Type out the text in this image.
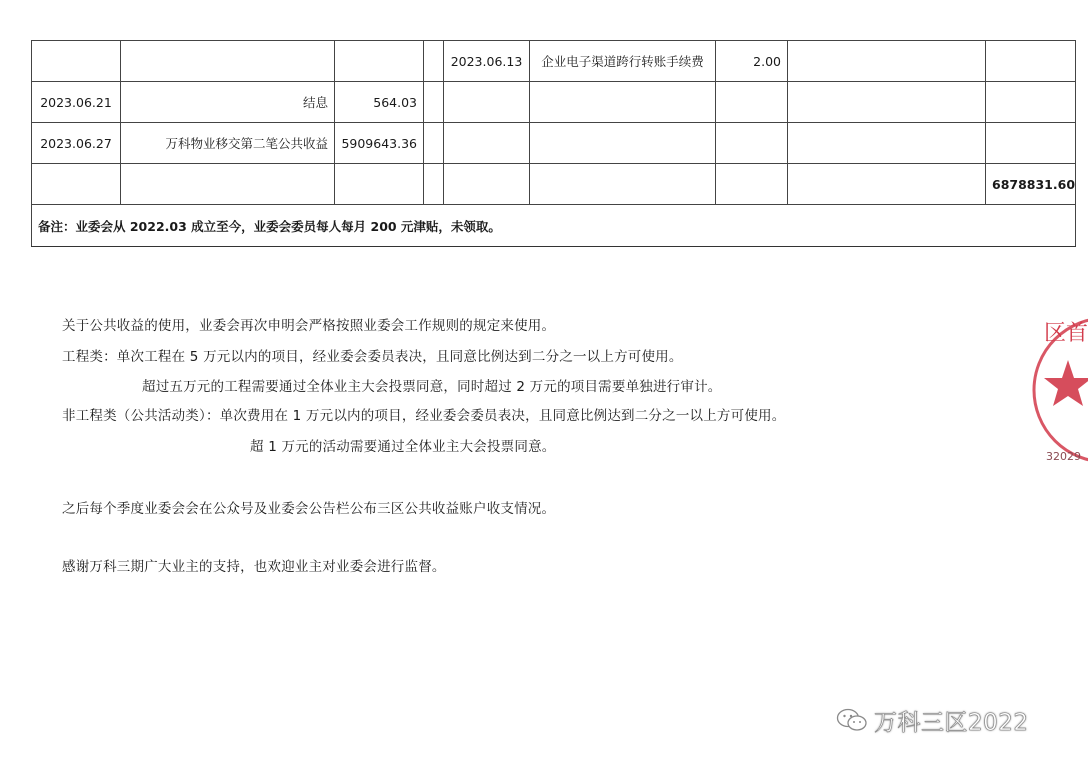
				2023.06.13	企业电子渠道跨行转账手续费	2.00		
2023.06.21	结息	564.03						
2023.06.27	万科物业移交第二笔公共收益	5909643.36						
								6878831.60
备注：业委会从 2022.03 成立至今，业委会委员每人每月 200 元津贴，未领取。								
关于公共收益的使用，业委会再次申明会严格按照业委会工作规则的规定来使用。
工程类：单次工程在 5 万元以内的项目，经业委会委员表决，且同意比例达到二分之一以上方可使用。
超过五万元的工程需要通过全体业主大会投票同意，同时超过 2 万元的项目需要单独进行审计。
非工程类（公共活动类）：单次费用在 1 万元以内的项目，经业委会委员表决，且同意比例达到二分之一以上方可使用。
超 1 万元的活动需要通过全体业主大会投票同意。
之后每个季度业委会会在公众号及业委会公告栏公布三区公共收益账户收支情况。
感谢万科三期广大业主的支持，也欢迎业主对业委会进行监督。
区首
32029
万科三区2022
